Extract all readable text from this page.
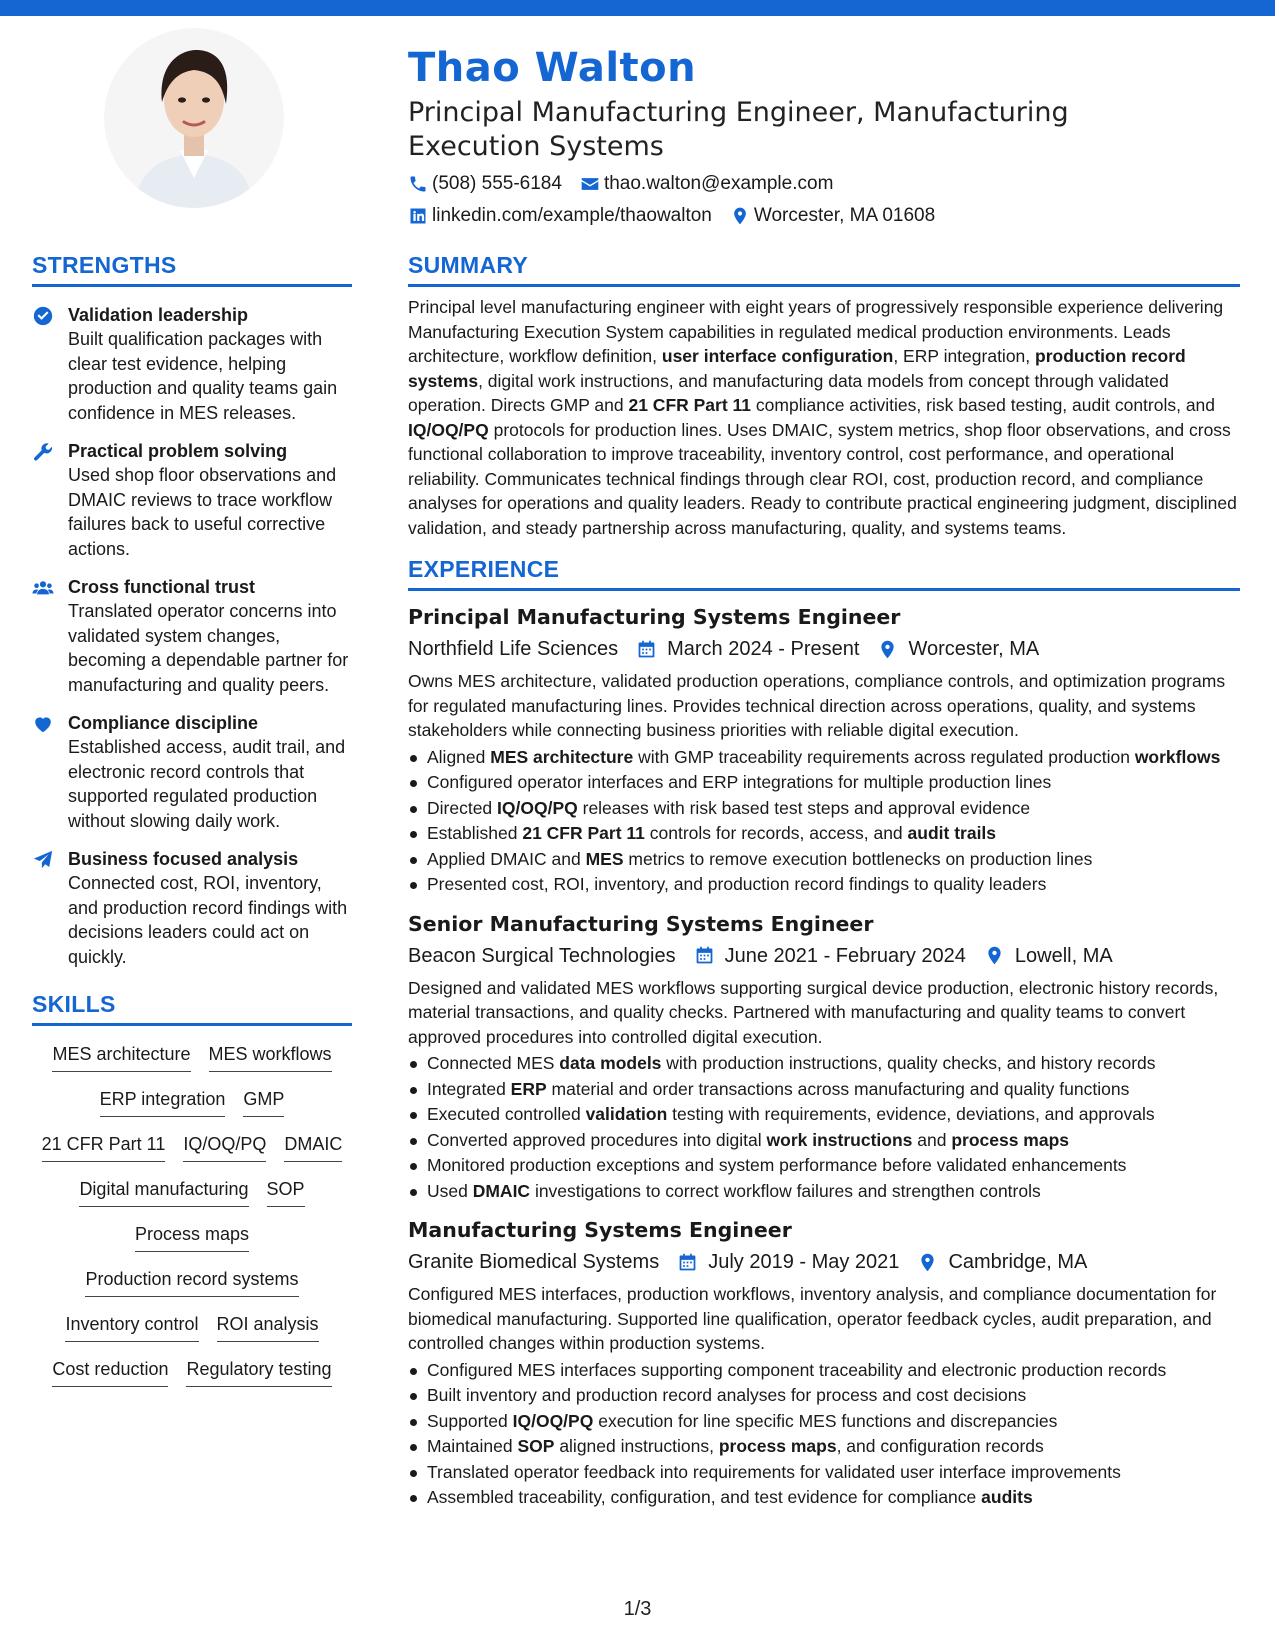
Thao Walton
Principal Manufacturing Engineer, Manufacturing Execution Systems
(508) 555-6184 thao.walton@example.com
linkedin.com/example/thaowalton Worcester, MA 01608
STRENGTHS
Validation leadership
Built qualification packages with clear test evidence, helping production and quality teams gain confidence in MES releases.
Practical problem solving
Used shop floor observations and DMAIC reviews to trace workflow failures back to useful corrective actions.
Cross functional trust
Translated operator concerns into validated system changes, becoming a dependable partner for manufacturing and quality peers.
Compliance discipline
Established access, audit trail, and electronic record controls that supported regulated production without slowing daily work.
Business focused analysis
Connected cost, ROI, inventory, and production record findings with decisions leaders could act on quickly.
SKILLS
MES architecture MES workflows
ERP integration GMP
21 CFR Part 11 IQ/OQ/PQ DMAIC
Digital manufacturing SOP
Process maps
Production record systems
Inventory control ROI analysis
Cost reduction Regulatory testing
SUMMARY

Principal level manufacturing engineer with eight years of progressively responsible experience delivering Manufacturing Execution System capabilities in regulated medical production environments. Leads architecture, workflow definition, user interface configuration, ERP integration, production record systems, digital work instructions, and manufacturing data models from concept through validated operation. Directs GMP and 21 CFR Part 11 compliance activities, risk based testing, audit controls, and IQ/OQ/PQ protocols for production lines. Uses DMAIC, system metrics, shop floor observations, and cross functional collaboration to improve traceability, inventory control, cost performance, and operational reliability. Communicates technical findings through clear ROI, cost, production record, and compliance analyses for operations and quality leaders. Ready to contribute practical engineering judgment, disciplined validation, and steady partnership across manufacturing, quality, and systems teams.

EXPERIENCE
Principal Manufacturing Systems Engineer
Northfield Life Sciences March 2024 - Present Worcester, MA
Owns MES architecture, validated production operations, compliance controls, and optimization programs for regulated manufacturing lines. Provides technical direction across operations, quality, and systems stakeholders while connecting business priorities with reliable digital execution.
Aligned MES architecture with GMP traceability requirements across regulated production workflows
Configured operator interfaces and ERP integrations for multiple production lines
Directed IQ/OQ/PQ releases with risk based test steps and approval evidence
Established 21 CFR Part 11 controls for records, access, and audit trails
Applied DMAIC and MES metrics to remove execution bottlenecks on production lines
Presented cost, ROI, inventory, and production record findings to quality leaders
Senior Manufacturing Systems Engineer
Beacon Surgical Technologies June 2021 - February 2024 Lowell, MA
Designed and validated MES workflows supporting surgical device production, electronic history records, material transactions, and quality checks. Partnered with manufacturing and quality teams to convert approved procedures into controlled digital execution.
Connected MES data models with production instructions, quality checks, and history records
Integrated ERP material and order transactions across manufacturing and quality functions
Executed controlled validation testing with requirements, evidence, deviations, and approvals
Converted approved procedures into digital work instructions and process maps
Monitored production exceptions and system performance before validated enhancements
Used DMAIC investigations to correct workflow failures and strengthen controls
Manufacturing Systems Engineer
Granite Biomedical Systems July 2019 - May 2021 Cambridge, MA
Configured MES interfaces, production workflows, inventory analysis, and compliance documentation for biomedical manufacturing. Supported line qualification, operator feedback cycles, audit preparation, and controlled changes within production systems.
Configured MES interfaces supporting component traceability and electronic production records
Built inventory and production record analyses for process and cost decisions
Supported IQ/OQ/PQ execution for line specific MES functions and discrepancies
Maintained SOP aligned instructions, process maps, and configuration records
Translated operator feedback into requirements for validated user interface improvements
Assembled traceability, configuration, and test evidence for compliance audits
1/3
